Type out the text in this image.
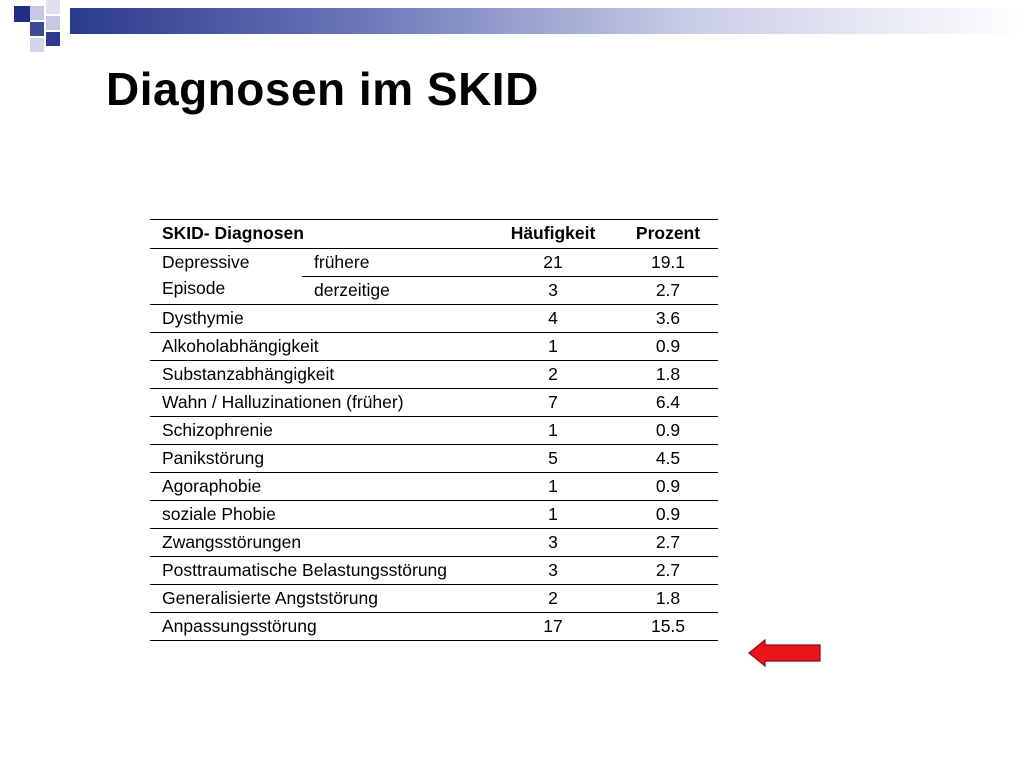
Diagnosen im SKID
SKID- Diagnosen		Häufigkeit	Prozent
Depressive Episode	frühere	21	19.1
	derzeitige	3	2.7
Dysthymie		4	3.6
Alkoholabhängigkeit		1	0.9
Substanzabhängigkeit		2	1.8
Wahn / Halluzinationen (früher)		7	6.4
Schizophrenie		1	0.9
Panikstörung		5	4.5
Agoraphobie		1	0.9
soziale Phobie		1	0.9
Zwangsstörungen		3	2.7
Posttraumatische Belastungsstörung		3	2.7
Generalisierte Angststörung		2	1.8
Anpassungsstörung		17	15.5
